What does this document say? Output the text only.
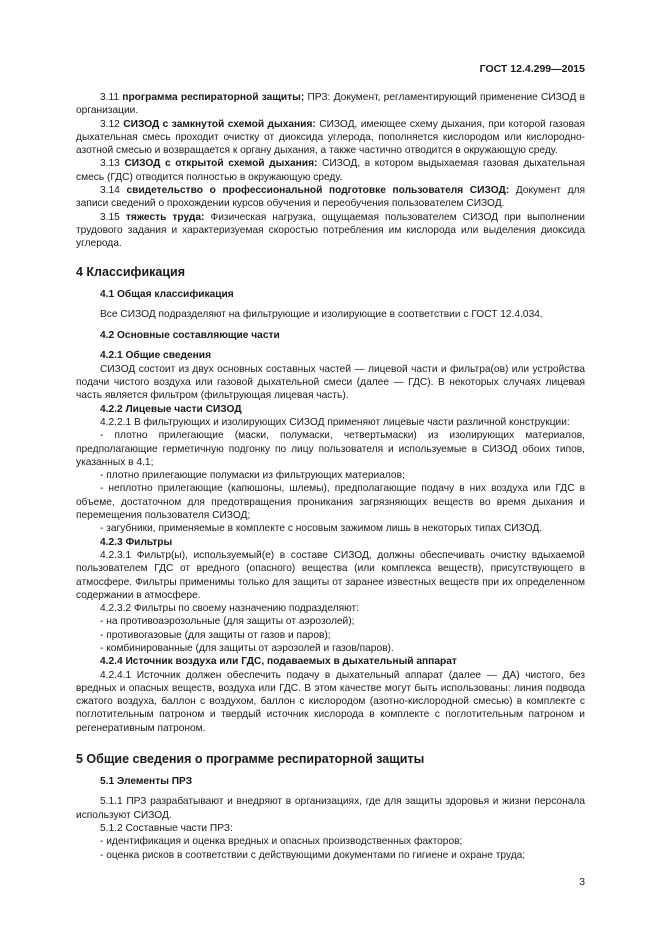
ГОСТ 12.4.299—2015

3.11 программа респираторной защиты; ПРЗ: Документ, регламентирующий применение СИЗОД в организации.

3.12 СИЗОД с замкнутой схемой дыхания: СИЗОД, имеющее схему дыхания, при которой газовая дыхательная смесь проходит очистку от диоксида углерода, пополняется кислородом или кислородно-азотной смесью и возвращается к органу дыхания, а также частично отводится в окружающую среду.

3.13 СИЗОД с открытой схемой дыхания: СИЗОД, в котором выдыхаемая газовая дыхательная смесь (ГДС) отводится полностью в окружающую среду.

3.14 свидетельство о профессиональной подготовке пользователя СИЗОД: Документ для записи сведений о прохождении курсов обучения и переобучения пользователем СИЗОД.

3.15 тяжесть труда: Физическая нагрузка, ощущаемая пользователем СИЗОД при выполнении трудового задания и характеризуемая скоростью потребления им кислорода или выделения диоксида углерода.

4 Классификация

4.1 Общая классификация

Все СИЗОД подразделяют на фильтрующие и изолирующие в соответствии с ГОСТ 12.4.034.

4.2 Основные составляющие части

4.2.1 Общие сведения

СИЗОД состоит из двух основных составных частей — лицевой части и фильтра(ов) или устройства подачи чистого воздуха или газовой дыхательной смеси (далее — ГДС). В некоторых случаях лицевая часть является фильтром (фильтрующая лицевая часть).

4.2.2 Лицевые части СИЗОД

4.2.2.1 В фильтрующих и изолирующих СИЗОД применяют лицевые части различной конструкции:

- плотно прилегающие (маски, полумаски, четвертьмаски) из изолирующих материалов, предполагающие герметичную подгонку по лицу пользователя и используемые в СИЗОД обоих типов, указанных в 4.1;

- плотно прилегающие полумаски из фильтрующих материалов;

- неплотно прилегающие (капюшоны, шлемы), предполагающие подачу в них воздуха или ГДС в объеме, достаточном для предотвращения проникания загрязняющих веществ во время дыхания и перемещения пользователя СИЗОД;

- загубники, применяемые в комплекте с носовым зажимом лишь в некоторых типах СИЗОД.

4.2.3 Фильтры

4.2.3.1 Фильтр(ы), используемый(е) в составе СИЗОД, должны обеспечивать очистку вдыхаемой пользователем ГДС от вредного (опасного) вещества (или комплекса веществ), присутствующего в атмосфере. Фильтры применимы только для защиты от заранее известных веществ при их определенном содержании в атмосфере.

4.2.3.2 Фильтры по своему назначению подразделяют:

- на противоаэрозольные (для защиты от аэрозолей);

- противогазовые (для защиты от газов и паров);

- комбинированные (для защиты от аэрозолей и газов/паров).

4.2.4 Источник воздуха или ГДС, подаваемых в дыхательный аппарат

4.2.4.1 Источник должен обеспечить подачу в дыхательный аппарат (далее — ДА) чистого, без вредных и опасных веществ, воздуха или ГДС. В этом качестве могут быть использованы: линия подвода сжатого воздуха, баллон с воздухом, баллон с кислородом (азотно-кислородной смесью) в комплекте с поглотительным патроном и твердый источник кислорода в комплекте с поглотительным патроном и регенеративным патроном.

5 Общие сведения о программе респираторной защиты

5.1 Элементы ПРЗ

5.1.1 ПРЗ разрабатывают и внедряют в организациях, где для защиты здоровья и жизни персонала используют СИЗОД.

5.1.2 Составные части ПРЗ:

- идентификация и оценка вредных и опасных производственных факторов;

- оценка рисков в соответствии с действующими документами по гигиене и охране труда;

3
